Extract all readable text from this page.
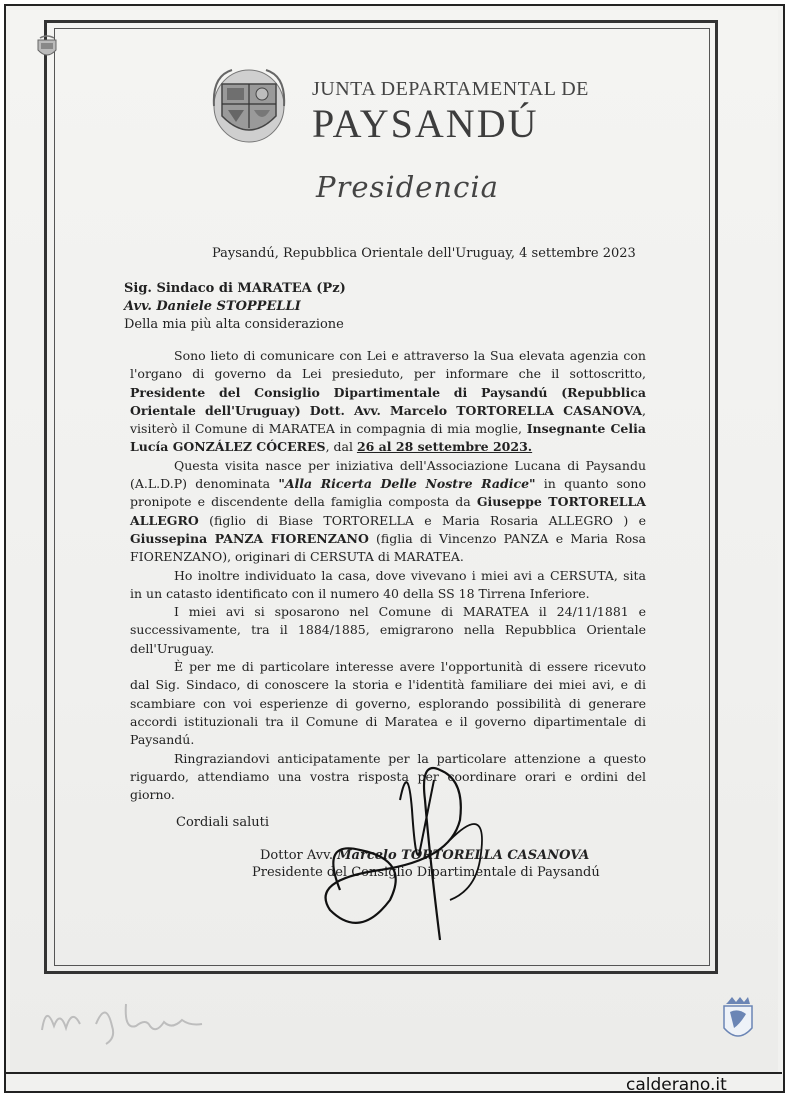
JUNTA DEPARTAMENTAL DE
PAYSANDÚ
Presidencia
Paysandú, Repubblica Orientale dell'Uruguay, 4 settembre 2023
Sig. Sindaco di MARATEA (Pz)
Avv. Daniele STOPPELLI
Della mia più alta considerazione

Sono lieto di comunicare con Lei e attraverso la Sua elevata agenzia con l'organo di governo da Lei presieduto, per informare che il sottoscritto, Presidente del Consiglio Dipartimentale di Paysandú (Repubblica Orientale dell'Uruguay) Dott. Avv. Marcelo TORTORELLA CASANOVA, visiterò il Comune di MARATEA in compagnia di mia moglie, Insegnante Celia Lucía GONZÁLEZ CÓCERES, dal 26 al 28 settembre 2023.

Questa visita nasce per iniziativa dell'Associazione Lucana di Paysandu (A.L.D.P) denominata "Alla Ricerta Delle Nostre Radice" in quanto sono pronipote e discendente della famiglia composta da Giuseppe TORTORELLA ALLEGRO (figlio di Biase TORTORELLA e Maria Rosaria ALLEGRO ) e Giussepina PANZA FIORENZANO (figlia di Vincenzo PANZA e Maria Rosa FIORENZANO), originari di CERSUTA di MARATEA.

Ho inoltre individuato la casa, dove vivevano i miei avi a CERSUTA, sita in un catasto identificato con il numero 40 della SS 18 Tirrena Inferiore.

I miei avi si sposarono nel Comune di MARATEA il 24/11/1881 e successivamente, tra il 1884/1885, emigrarono nella Repubblica Orientale dell'Uruguay.

È per me di particolare interesse avere l'opportunità di essere ricevuto dal Sig. Sindaco, di conoscere la storia e l'identità familiare dei miei avi, e di scambiare con voi esperienze di governo, esplorando possibilità di generare accordi istituzionali tra il Comune di Maratea e il governo dipartimentale di Paysandú.

Ringraziandovi anticipatamente per la particolare attenzione a questo riguardo, attendiamo una vostra risposta per coordinare orari e ordini del giorno.

Cordiali saluti
Dottor Avv. Marcelo TORTORELLA CASANOVA
Presidente del Consiglio Dipartimentale di Paysandú
calderano.it
